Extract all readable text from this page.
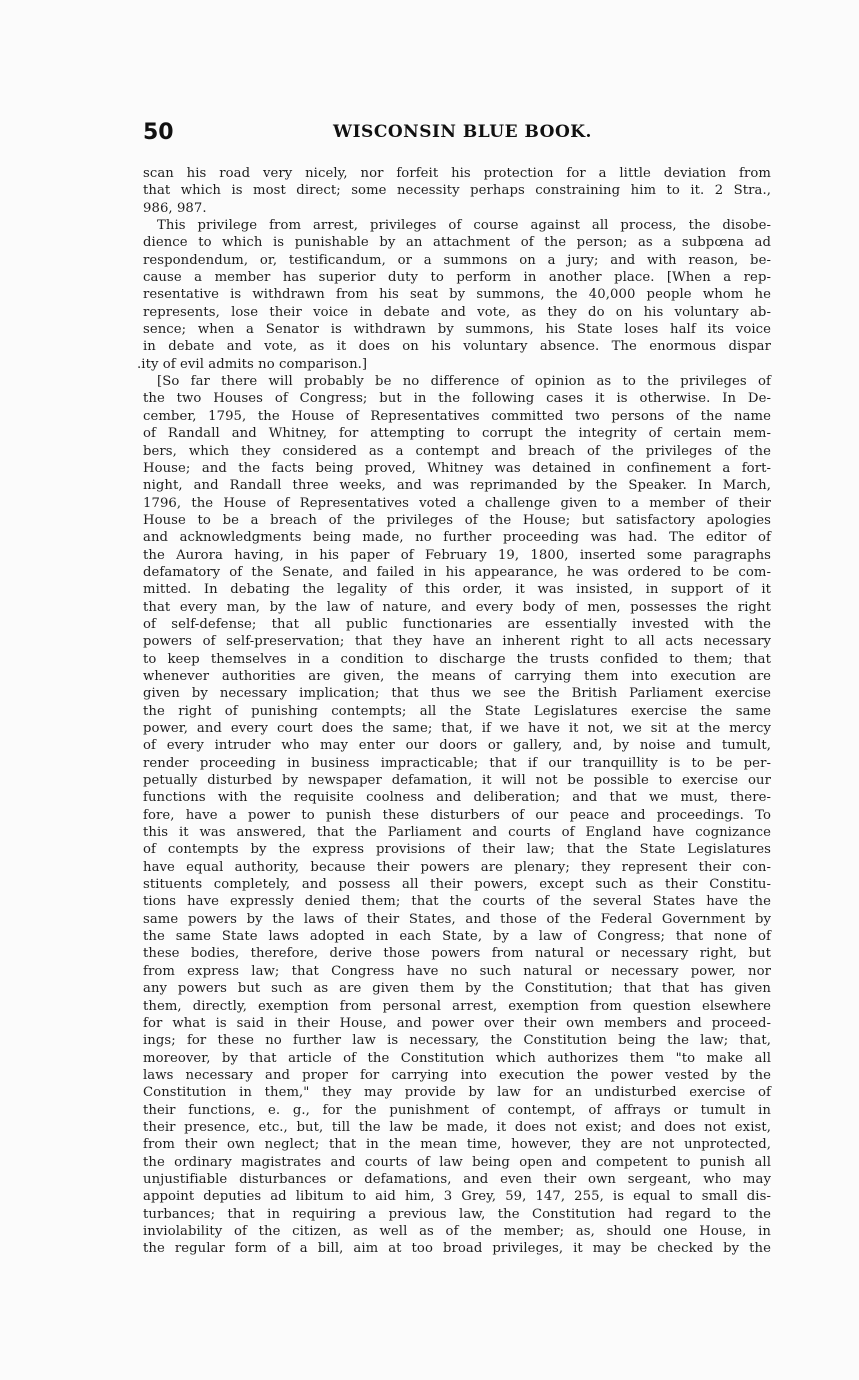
50	WISCONSIN BLUE BOOK.
scan his road very nicely, nor forfeit his protection for a little deviation from
that which is most direct; some necessity perhaps constraining him to it. 2 Stra.,
986, 987.
This privilege from arrest, privileges of course against all process, the disobe-
dience to which is punishable by an attachment of the person; as a subpœna ad
respondendum, or, testificandum, or a summons on a jury; and with reason, be-
cause a member has superior duty to perform in another place. [When a rep-
resentative is withdrawn from his seat by summons, the 40,000 people whom he
represents, lose their voice in debate and vote, as they do on his voluntary ab-
sence; when a Senator is withdrawn by summons, his State loses half its voice
in debate and vote, as it does on his voluntary absence. The enormous dispar
.ity of evil admits no comparison.]
[So far there will probably be no difference of opinion as to the privileges of
the two Houses of Congress; but in the following cases it is otherwise. In De-
cember, 1795, the House of Representatives committed two persons of the name
of Randall and Whitney, for attempting to corrupt the integrity of certain mem-
bers, which they considered as a contempt and breach of the privileges of the
House; and the facts being proved, Whitney was detained in confinement a fort-
night, and Randall three weeks, and was reprimanded by the Speaker. In March,
1796, the House of Representatives voted a challenge given to a member of their
House to be a breach of the privileges of the House; but satisfactory apologies
and acknowledgments being made, no further proceeding was had. The editor of
the Aurora having, in his paper of February 19, 1800, inserted some paragraphs
defamatory of the Senate, and failed in his appearance, he was ordered to be com-
mitted. In debating the legality of this order, it was insisted, in support of it
that every man, by the law of nature, and every body of men, possesses the right
of self-defense; that all public functionaries are essentially invested with the
powers of self-preservation; that they have an inherent right to all acts necessary
to keep themselves in a condition to discharge the trusts confided to them; that
whenever authorities are given, the means of carrying them into execution are
given by necessary implication; that thus we see the British Parliament exercise
the right of punishing contempts; all the State Legislatures exercise the same
power, and every court does the same; that, if we have it not, we sit at the mercy
of every intruder who may enter our doors or gallery, and, by noise and tumult,
render proceeding in business impracticable; that if our tranquillity is to be per-
petually disturbed by newspaper defamation, it will not be possible to exercise our
functions with the requisite coolness and deliberation; and that we must, there-
fore, have a power to punish these disturbers of our peace and proceedings. To
this it was answered, that the Parliament and courts of England have cognizance
of contempts by the express provisions of their law; that the State Legislatures
have equal authority, because their powers are plenary; they represent their con-
stituents completely, and possess all their powers, except such as their Constitu-
tions have expressly denied them; that the courts of the several States have the
same powers by the laws of their States, and those of the Federal Government by
the same State laws adopted in each State, by a law of Congress; that none of
these bodies, therefore, derive those powers from natural or necessary right, but
from express law; that Congress have no such natural or necessary power, nor
any powers but such as are given them by the Constitution; that that has given
them, directly, exemption from personal arrest, exemption from question elsewhere
for what is said in their House, and power over their own members and proceed-
ings; for these no further law is necessary, the Constitution being the law; that,
moreover, by that article of the Constitution which authorizes them "to make all
laws necessary and proper for carrying into execution the power vested by the
Constitution in them," they may provide by law for an undisturbed exercise of
their functions, e. g., for the punishment of contempt, of affrays or tumult in
their presence, etc., but, till the law be made, it does not exist; and does not exist,
from their own neglect; that in the mean time, however, they are not unprotected,
the ordinary magistrates and courts of law being open and competent to punish all
unjustifiable disturbances or defamations, and even their own sergeant, who may
appoint deputies ad libitum to aid him, 3 Grey, 59, 147, 255, is equal to small dis-
turbances; that in requiring a previous law, the Constitution had regard to the
inviolability of the citizen, as well as of the member; as, should one House, in
the regular form of a bill, aim at too broad privileges, it may be checked by the
